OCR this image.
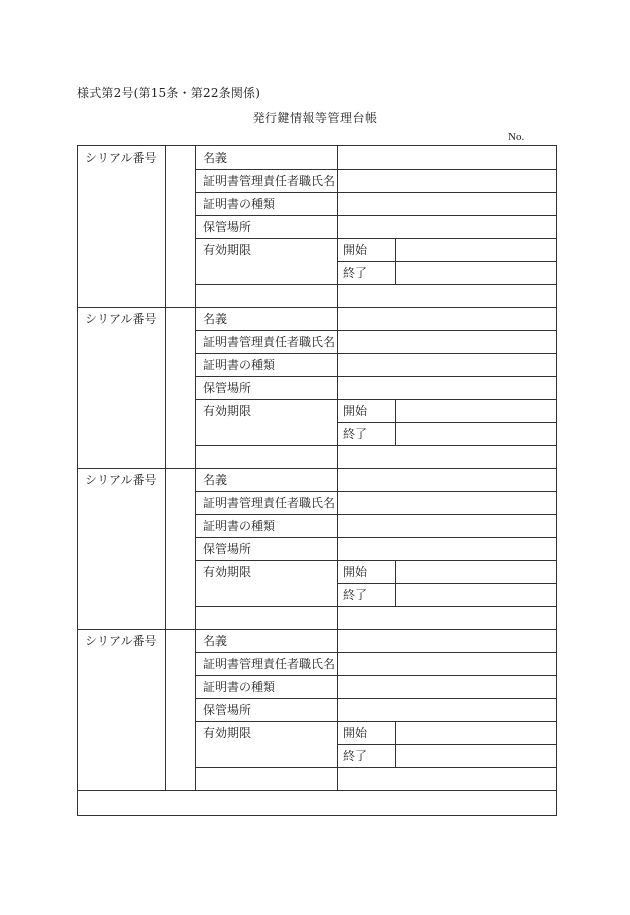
様式第2号(第15条・第22条関係)
発行鍵情報等管理台帳
No.
シリアル番号	名義
証明書管理責任者職氏名
証明書の種類
保管場所
有効期限	開始
終了
シリアル番号	名義
証明書管理責任者職氏名
証明書の種類
保管場所
有効期限	開始
終了
シリアル番号	名義
証明書管理責任者職氏名
証明書の種類
保管場所
有効期限	開始
終了
シリアル番号	名義
証明書管理責任者職氏名
証明書の種類
保管場所
有効期限	開始
終了
